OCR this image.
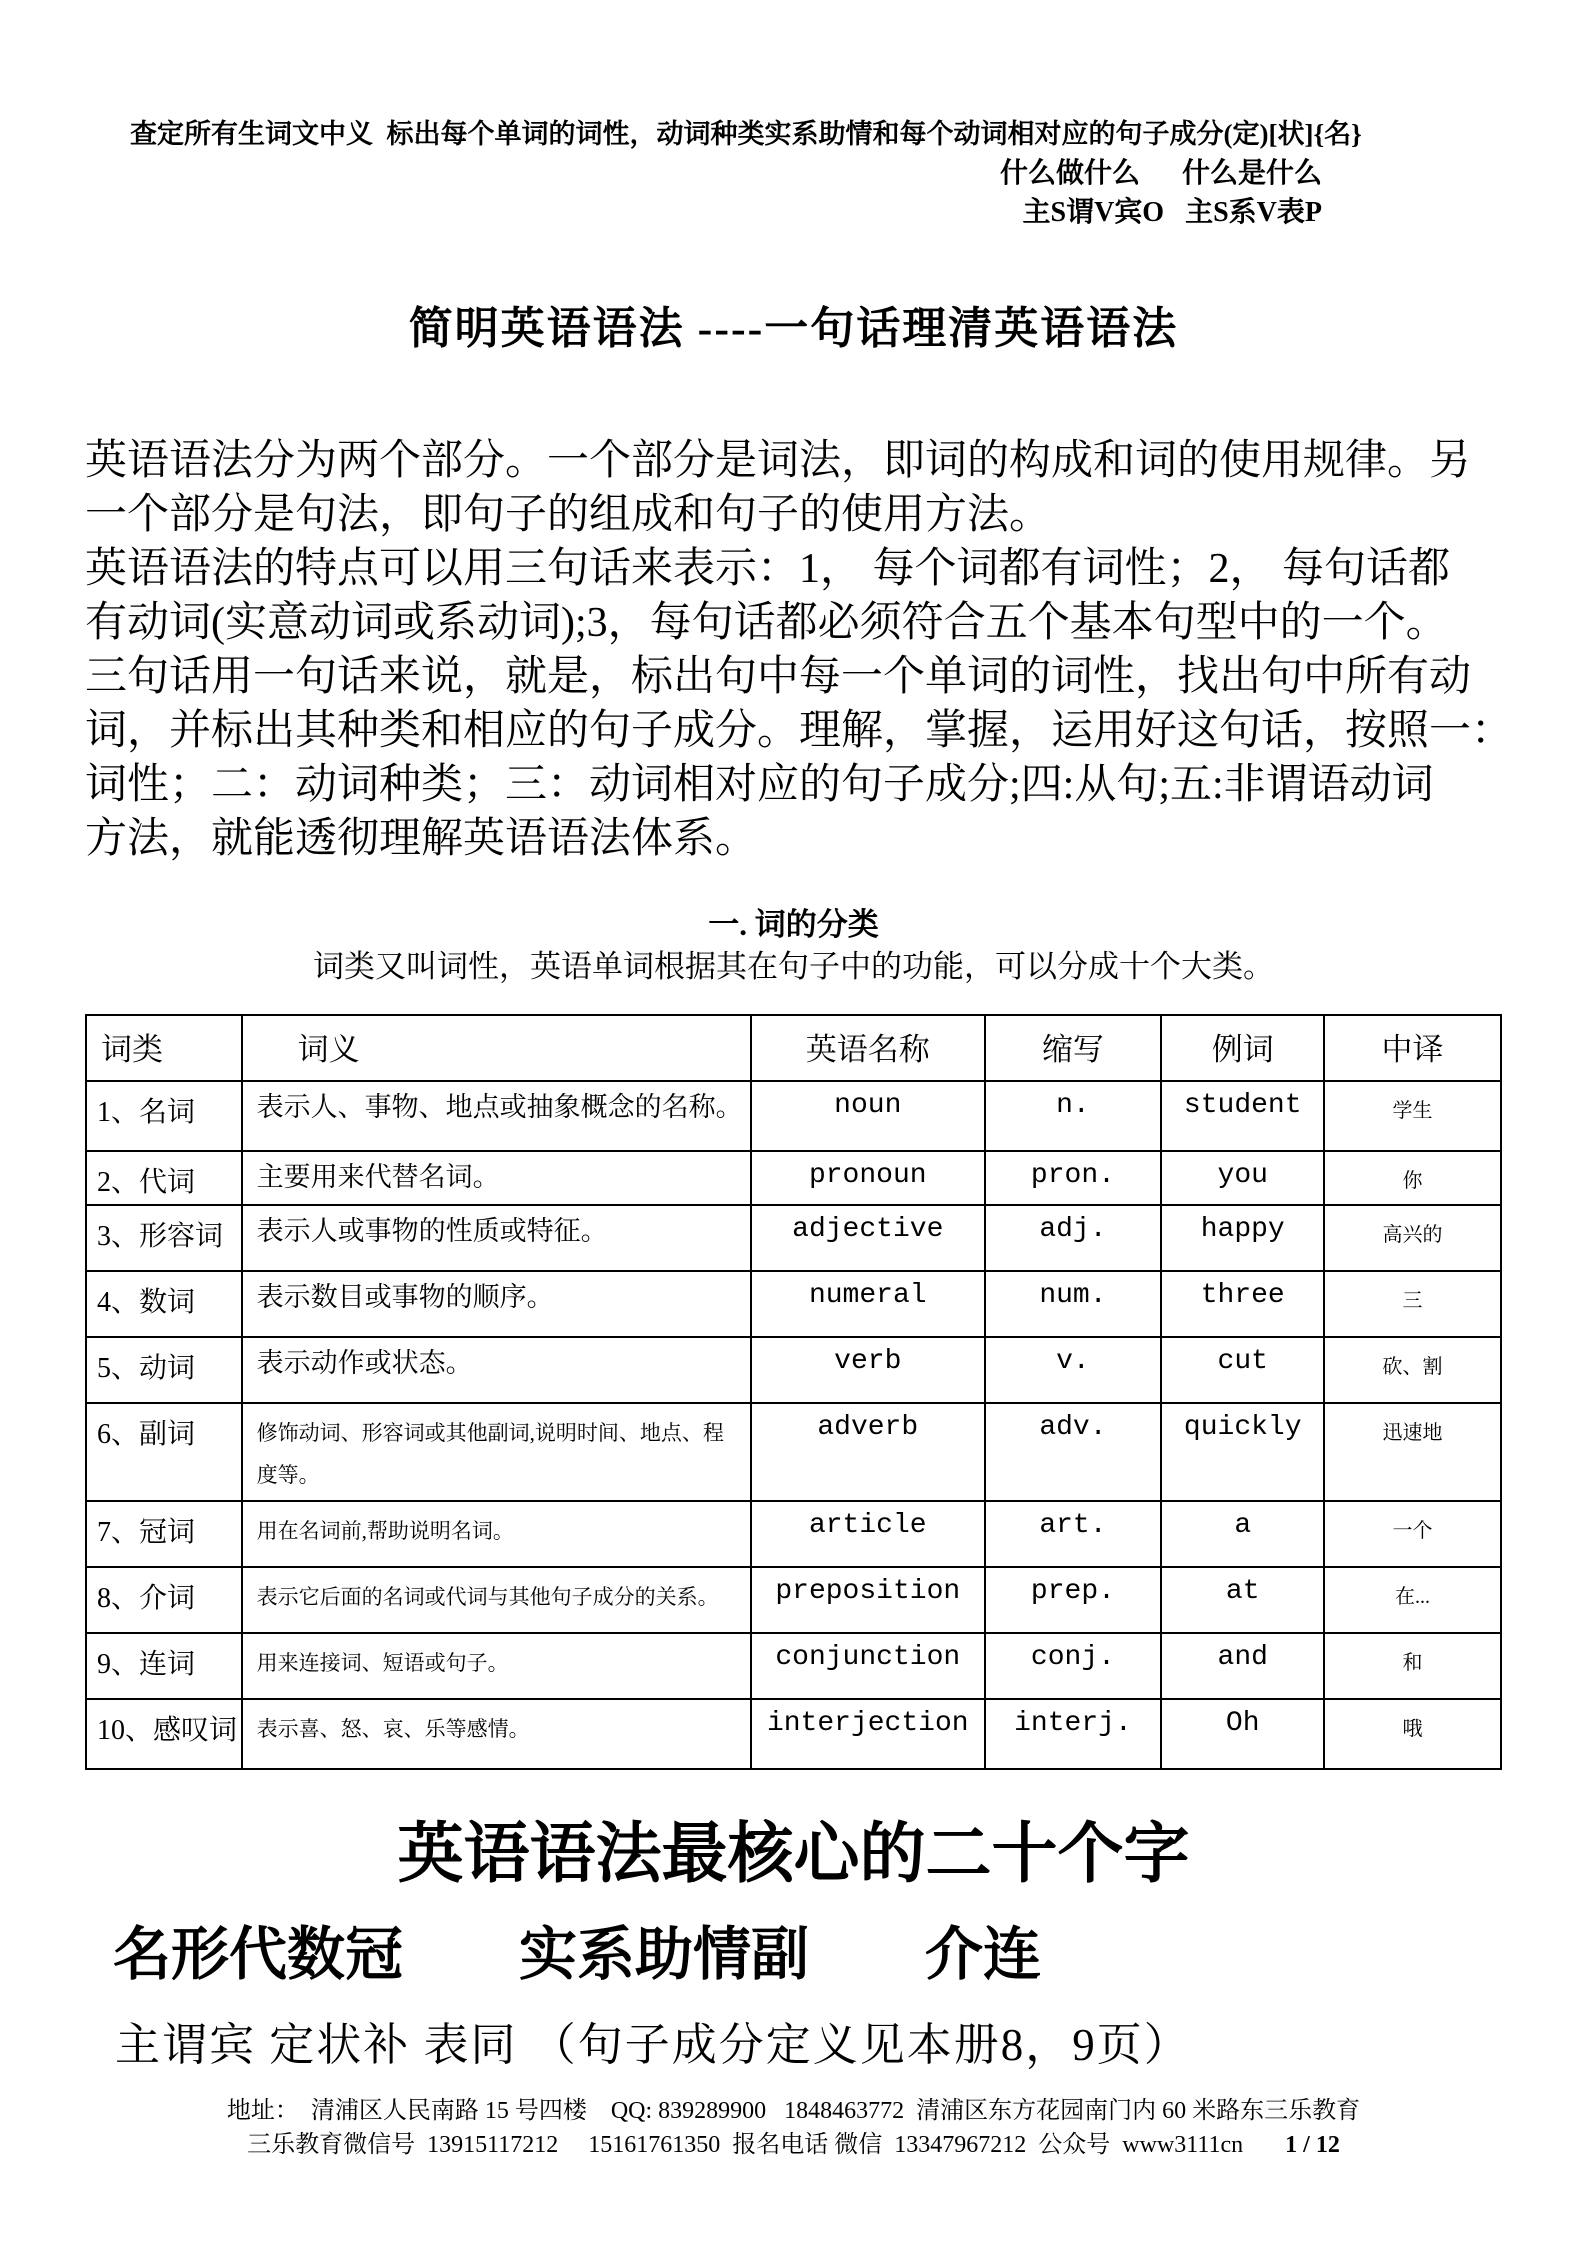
查定所有生词文中义  标出每个单词的词性，动词种类实系助情和每个动词相对应的句子成分(定)[状]{名}
什么做什么      什么是什么
主S谓V宾O   主S系V表P
简明英语语法 ----一句话理清英语语法
英语语法分为两个部分。一个部分是词法，即词的构成和词的使用规律。另
一个部分是句法，即句子的组成和句子的使用方法。
英语语法的特点可以用三句话来表示：1， 每个词都有词性；2， 每句话都
有动词(实意动词或系动词);3，每句话都必须符合五个基本句型中的一个。
三句话用一句话来说，就是，标出句中每一个单词的词性，找出句中所有动
词，并标出其种类和相应的句子成分。理解，掌握，运用好这句话，按照一：
词性；二：动词种类；三：动词相对应的句子成分;四:从句;五:非谓语动词
方法，就能透彻理解英语语法体系。
一. 词的分类
词类又叫词性，英语单词根据其在句子中的功能，可以分成十个大类。
词类	词义	英语名称	缩写	例词	中译
1、名词	表示人、事物、地点或抽象概念的名称。	noun	n.	student	学生
2、代词	主要用来代替名词。	pronoun	pron.	you	你
3、形容词	表示人或事物的性质或特征。	adjective	adj.	happy	高兴的
4、数词	表示数目或事物的顺序。	numeral	num.	three	三
5、动词	表示动作或状态。	verb	v.	cut	砍、割
6、副词	修饰动词、形容词或其他副词,说明时间、地点、程度等。	adverb	adv.	quickly	迅速地
7、冠词	用在名词前,帮助说明名词。	article	art.	a	一个
8、介词	表示它后面的名词或代词与其他句子成分的关系。	preposition	prep.	at	在...
9、连词	用来连接词、短语或句子。	conjunction	conj.	and	和
10、感叹词	表示喜、怒、哀、乐等感情。	interjection	interj.	Oh	哦
英语语法最核心的二十个字
名形代数冠　　实系助情副　　介连
主谓宾 定状补 表同 （句子成分定义见本册8，9页）
地址：  清浦区人民南路 15 号四楼    QQ: 839289900   1848463772  清浦区东方花园南门内 60 米路东三乐教育
三乐教育微信号  13915117212     15161761350  报名电话 微信  13347967212  公众号  www3111cn 1 / 12
